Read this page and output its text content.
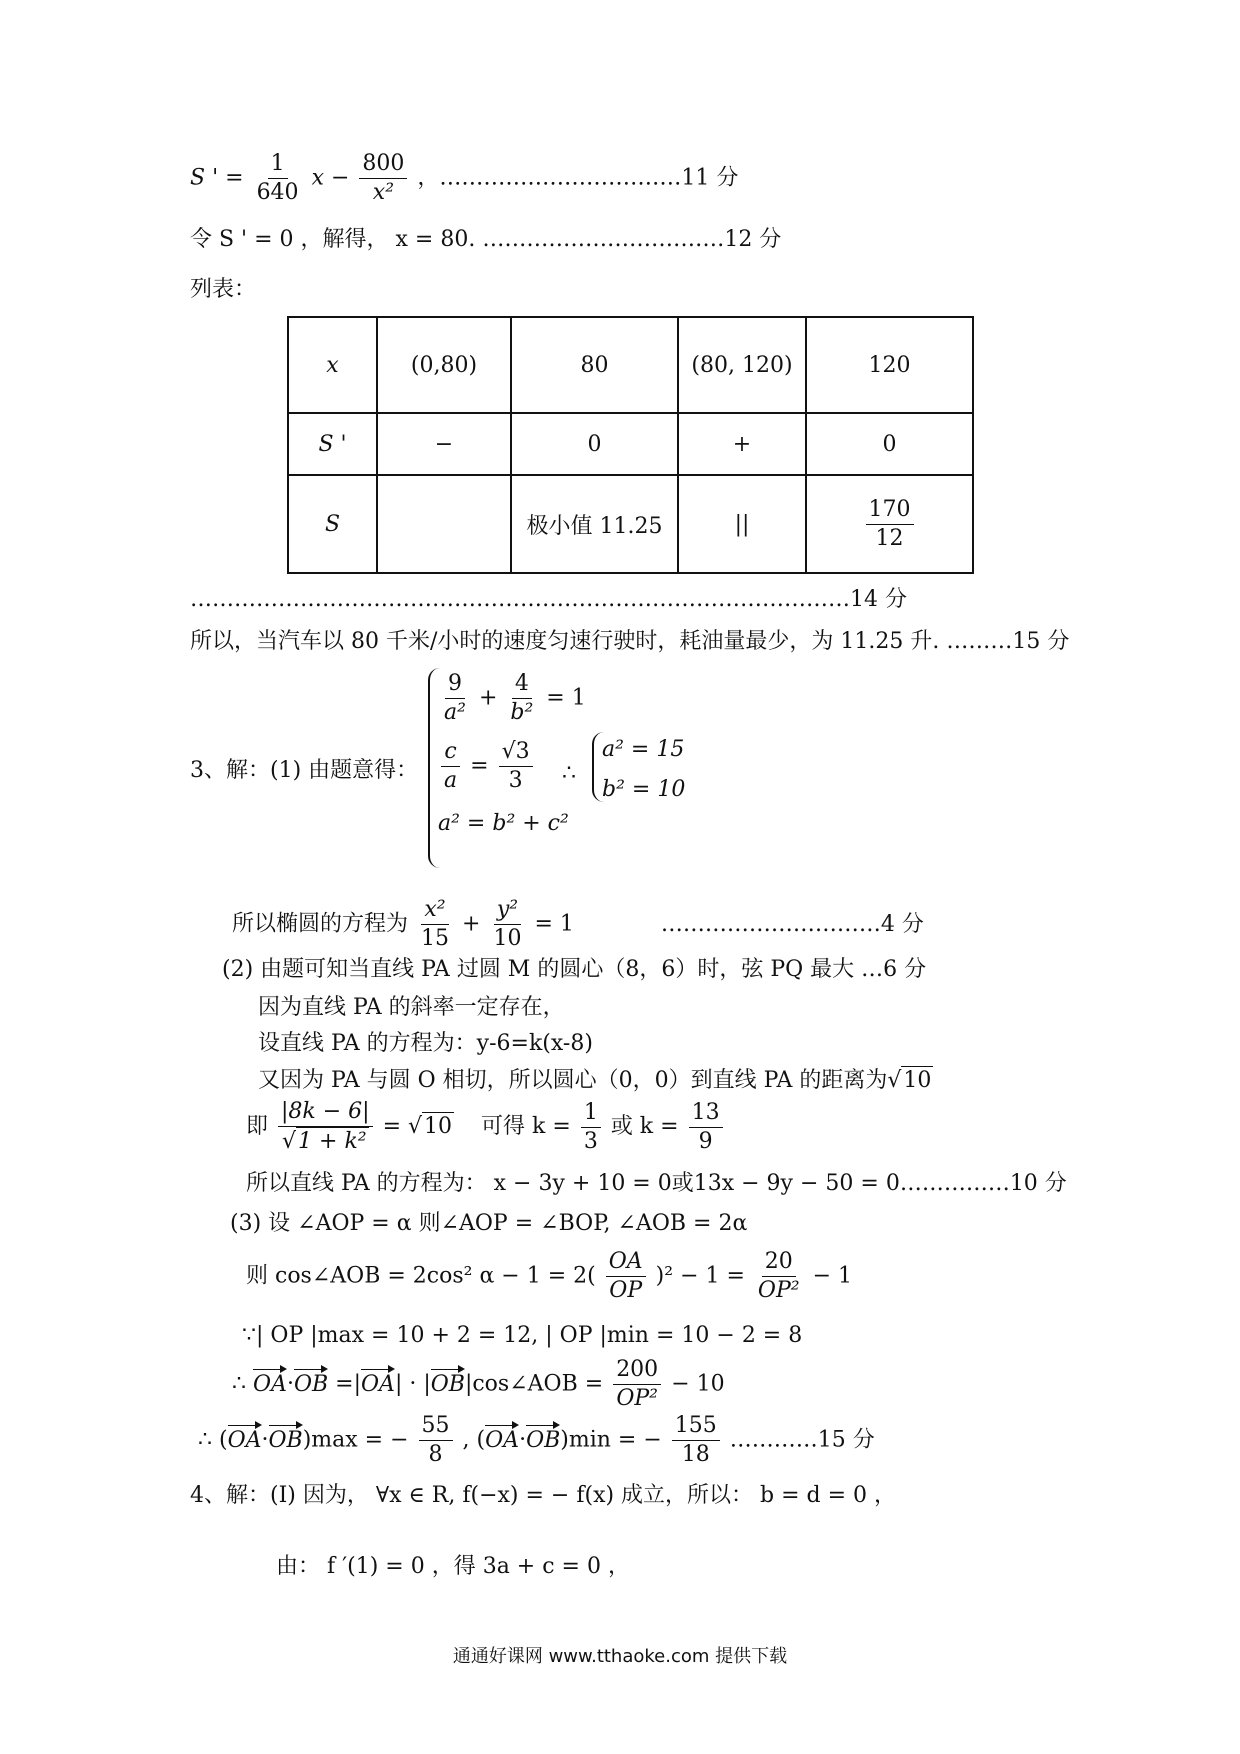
S ' = $\frac{1}{640}$ $x - \frac{800}{\text{x²}}$ ，……………………………11 分
令 S ' = 0 ，解得， x = 80. ……………………………12 分
列表：
x	(0,80)	80	(80, 120)	120
S '	−	0	+	0
S		极小值 11.25	||	$\frac{170}{12}$
………………………………………………………………………………14 分
所以，当汽车以 80 千米/小时的速度匀速行驶时，耗油量最少，为 11.25 升. ………15 分
3、解：(1) 由题意得：
$\frac{9}{\text{a²}} + \frac{4}{\text{b²}} = 1$
$\frac{c}{a} = \frac{√3}{3}$
a² = b² + c²
∴
a² = 15
b² = 10
所以椭圆的方程为 $\frac{\text{x²}}{15} + \frac{\text{y²}}{10} = 1$	…………………………4 分
(2) 由题可知当直线 PA 过圆 M 的圆心（8，6）时，弦 PQ 最大 …6 分
因为直线 PA 的斜率一定存在，
设直线 PA 的方程为：y-6=k(x-8)
又因为 PA 与圆 O 相切，所以圆心（0，0）到直线 PA 的距离为√10
即 $\frac{|8k - 6|}{\text{√1 + k²}} = √10$ 可得 $k = \frac{1}{3}$ 或 $k = \frac{13}{9}$
所以直线 PA 的方程为： x − 3y + 10 = 0或13x − 9y − 50 = 0……………10 分
(3) 设 ∠AOP = α 则∠AOP = ∠BOP, ∠AOB = 2α
则 cos∠AOB = 2cos² $\alpha - 1 = 2( \frac{OA}{OP} )^2 - 1 = \frac{20}{\text{OP²}} - 1$
∵| OP |max = 10 + 2 = 12, | OP |min = 10 − 2 = 8
∴ OA·OB =|OA| · |OB|cos∠AOB = $\frac{200}{\text{OP²}} - 10$
∴ (OA·OB)max = − $\frac{55}{8}$ , (OA·OB)min = − $\frac{155}{18}$ …………15 分
4、解：(I) 因为， ∀x ∈ R, f(−x) = − f(x) 成立，所以： b = d = 0 ，
由： f ′(1) = 0 ，得 3a + c = 0 ，
通通好课网 www.tthaoke.com 提供下载
